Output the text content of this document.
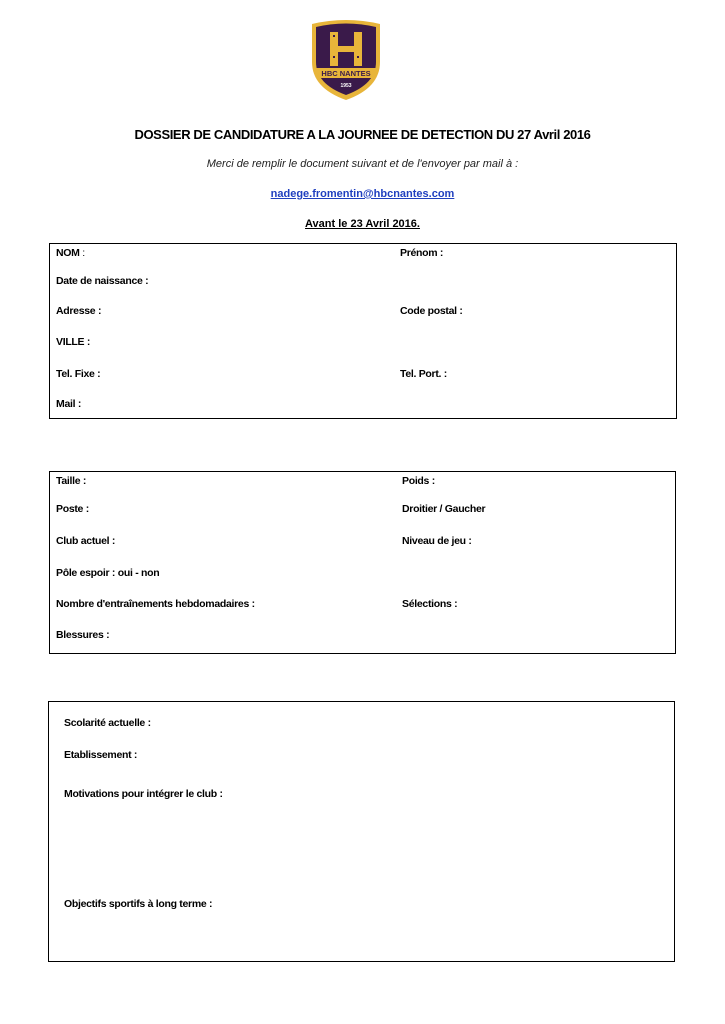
HBC NANTES
1953
DOSSIER DE CANDIDATURE A LA JOURNEE DE DETECTION DU 27 Avril 2016
Merci de remplir le document suivant et de l'envoyer par mail à :
nadege.fromentin@hbcnantes.com
Avant le 23 Avril 2016.
NOM :	Prénom :
Date de naissance :
Adresse :	Code postal :
VILLE :
Tel. Fixe :	Tel. Port. :
Mail :
Taille :	Poids :
Poste :	Droitier / Gaucher
Club actuel :	Niveau de jeu :
Pôle espoir : oui - non
Nombre d'entraînements hebdomadaires :	Sélections :
Blessures :
Scolarité actuelle :
Etablissement :
Motivations pour intégrer le club :
Objectifs sportifs à long terme :
